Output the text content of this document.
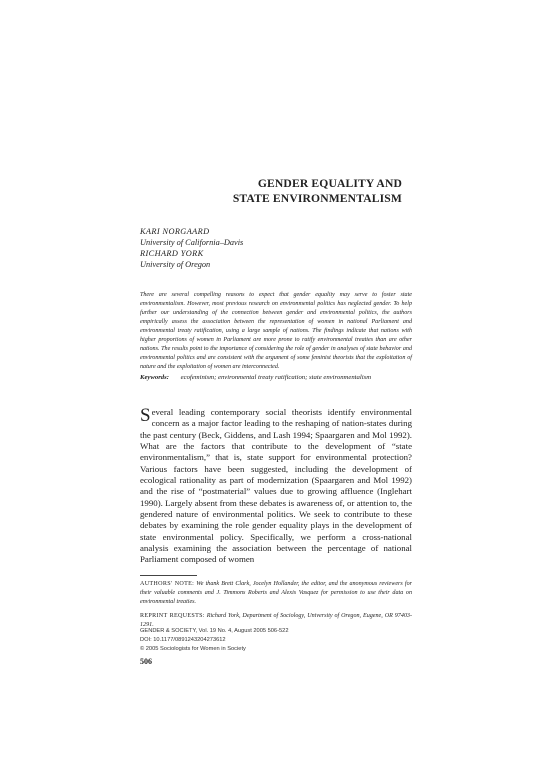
GENDER EQUALITY AND
STATE ENVIRONMENTALISM
KARI NORGAARD
University of California–Davis
RICHARD YORK
University of Oregon
There are several compelling reasons to expect that gender equality may serve to foster state environmentalism. However, most previous research on environmental politics has neglected gender. To help further our understanding of the connection between gender and environmental politics, the authors empirically assess the association between the representation of women in national Parliament and environmental treaty ratification, using a large sample of nations. The findings indicate that nations with higher proportions of women in Parliament are more prone to ratify environmental treaties than are other nations. The results point to the importance of considering the role of gender in analyses of state behavior and environmental politics and are consistent with the argument of some feminist theorists that the exploitation of nature and the exploitation of women are interconnected.
Keywords: ecofeminism; environmental treaty ratification; state environmentalism
Several leading contemporary social theorists identify environmental concern as a major factor leading to the reshaping of nation-states during the past century (Beck, Giddens, and Lash 1994; Spaargaren and Mol 1992). What are the factors that contribute to the development of “state environmentalism,” that is, state support for environmental protection? Various factors have been suggested, including the development of ecological rationality as part of modernization (Spaargaren and Mol 1992) and the rise of “postmaterial” values due to growing affluence (Inglehart 1990). Largely absent from these debates is awareness of, or attention to, the gendered nature of environmental politics. We seek to contribute to these debates by examining the role gender equality plays in the development of state environmental policy. Specifically, we perform a cross-national analysis examining the association between the percentage of national Parliament composed of women

AUTHORS' NOTE: We thank Brett Clark, Jocelyn Hollander, the editor, and the anonymous reviewers for their valuable comments and J. Timmons Roberts and Alexis Vasquez for permission to use their data on environmental treaties.

REPRINT REQUESTS: Richard York, Department of Sociology, University of Oregon, Eugene, OR 97403-1291.

GENDER & SOCIETY, Vol. 19 No. 4, August 2005 506-522
DOI: 10.1177/0891243204273612
© 2005 Sociologists for Women in Society
506
